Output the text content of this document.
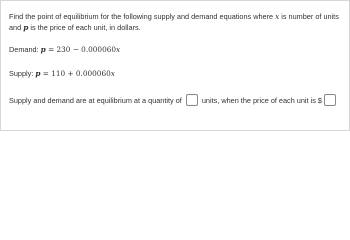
Find the point of equilibrium for the following supply and demand equations where x is number of units and p is the price of each unit, in dollars.

Demand: p = 230 − 0.000060x

Supply: p = 110 + 0.000060x

Supply and demand are at equilibrium at a quantity of  units, when the price of each unit is $
